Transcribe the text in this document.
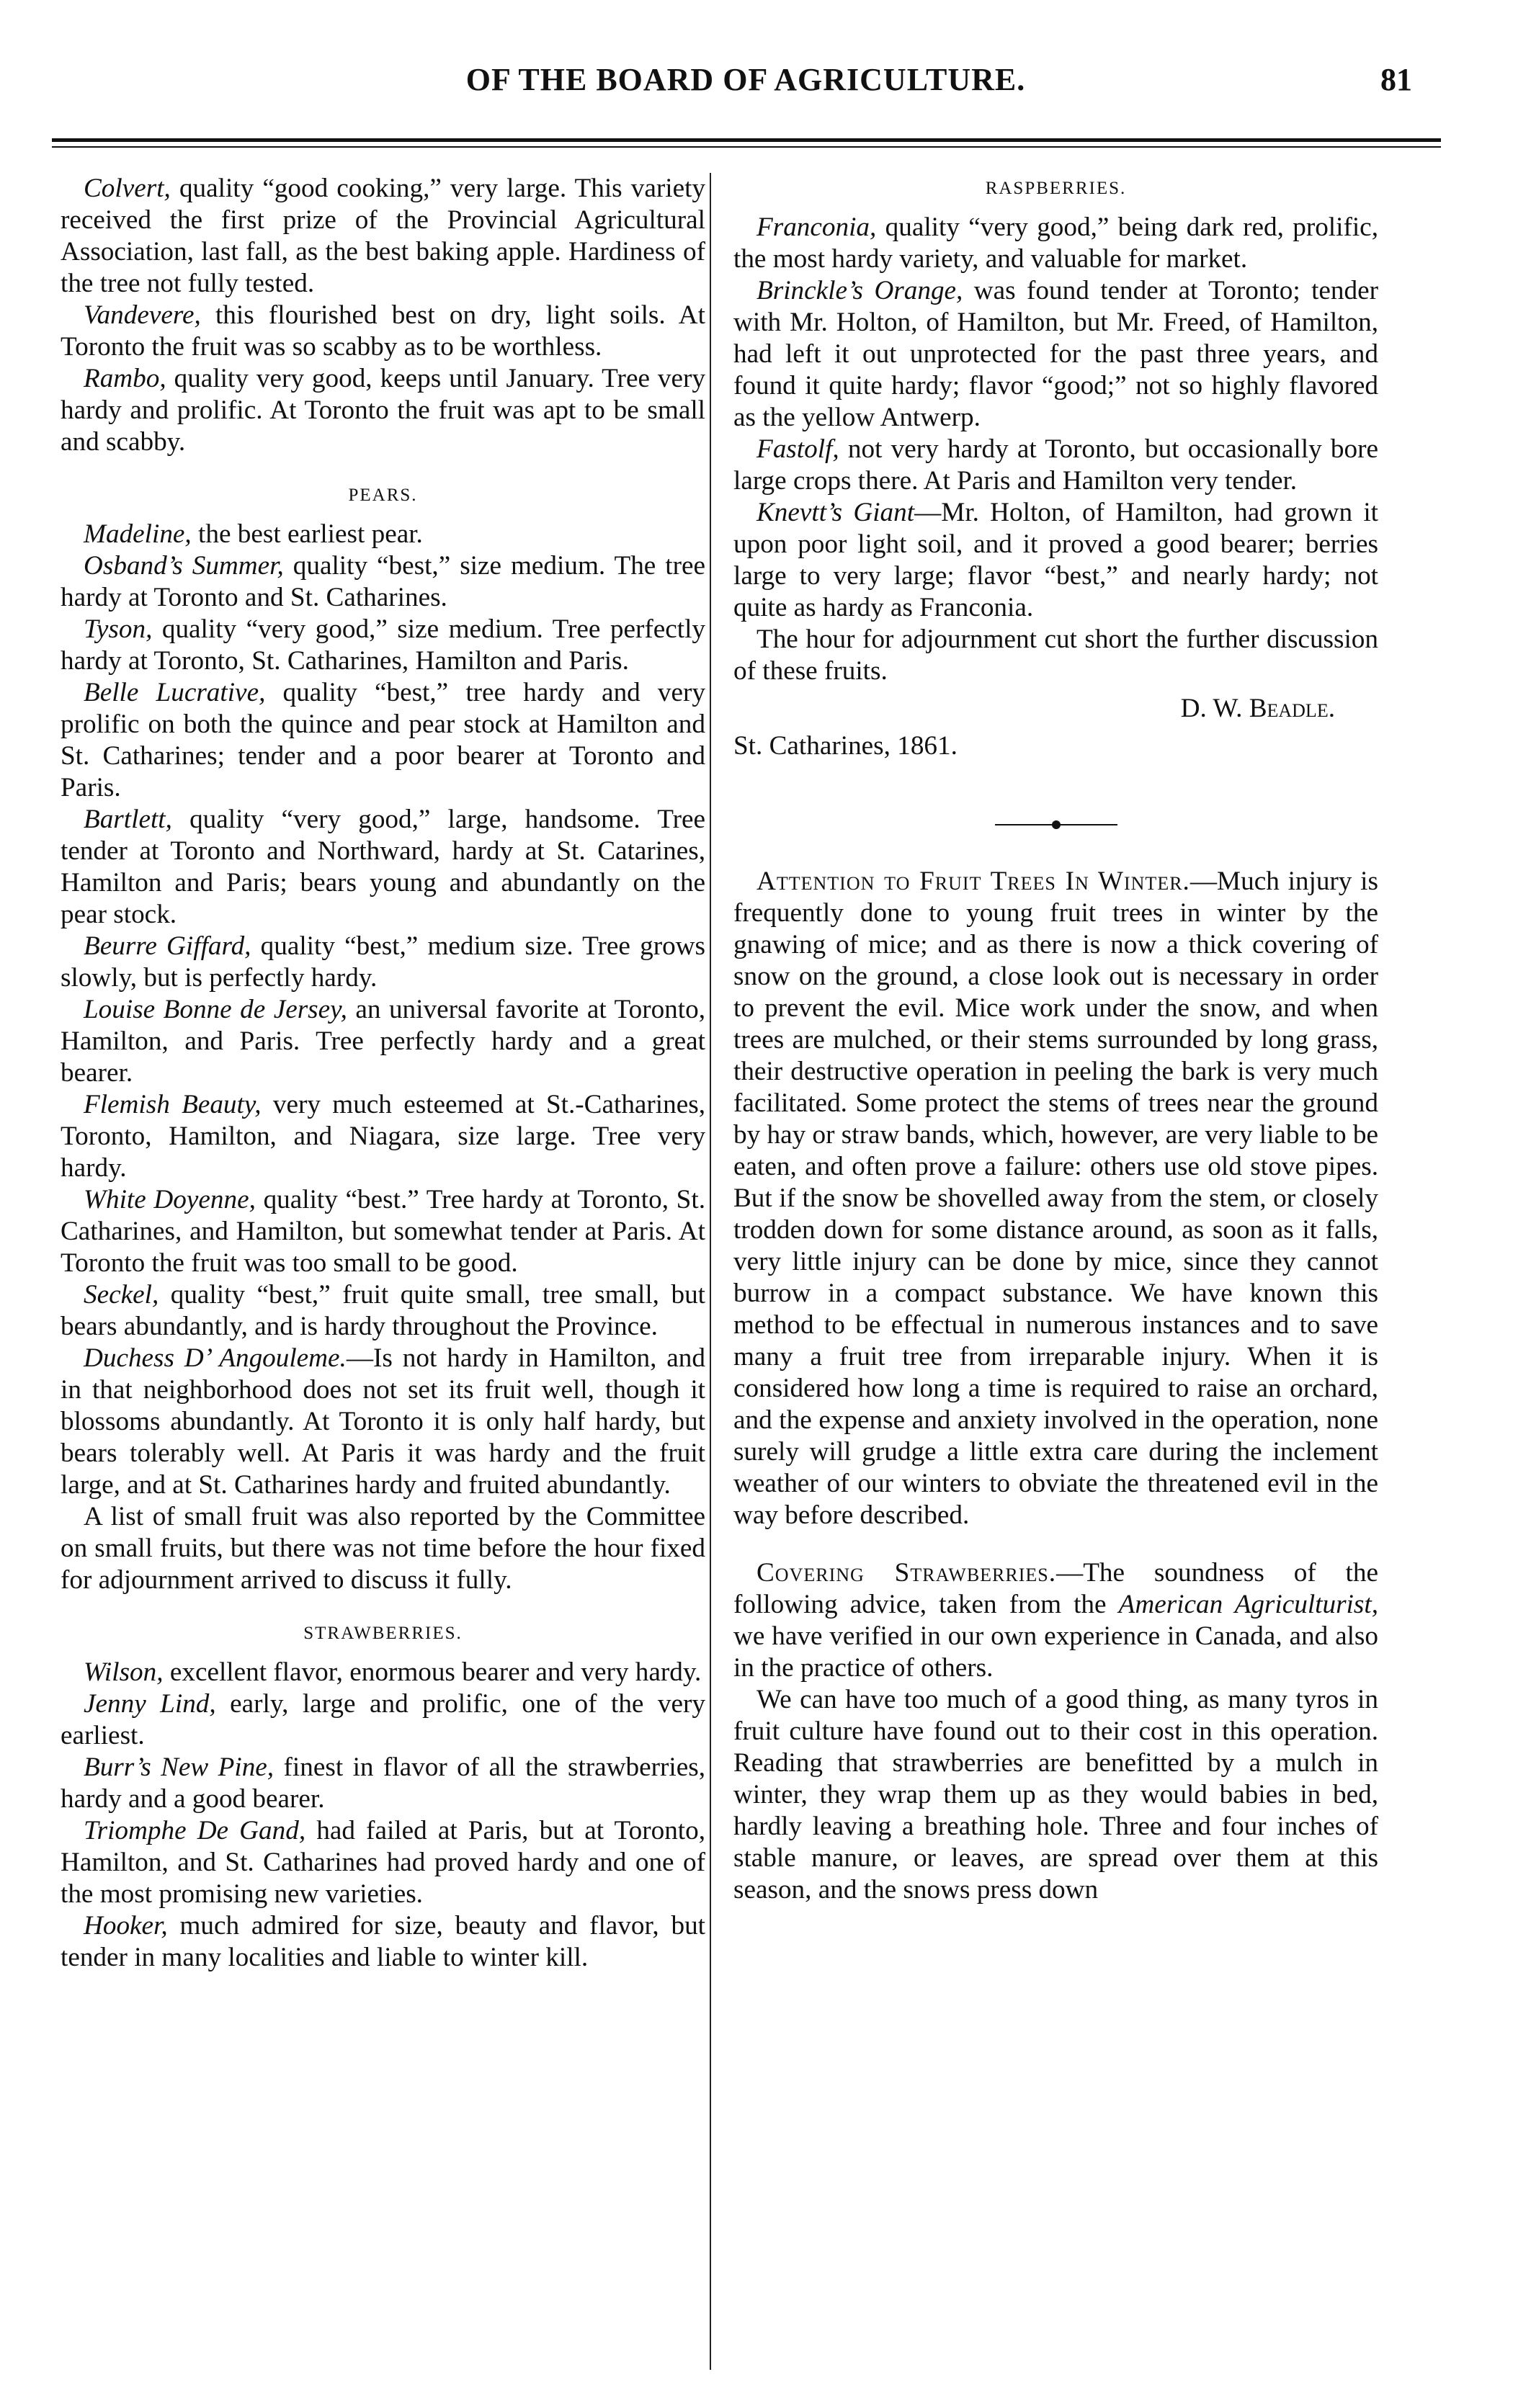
OF THE BOARD OF AGRICULTURE.	81

Colvert, quality “good cooking,” very large. This variety received the first prize of the Provincial Agricultural Association, last fall, as the best baking apple. Hardiness of the tree not fully tested.

Vandevere, this flourished best on dry, light soils. At Toronto the fruit was so scabby as to be worthless.

Rambo, quality very good, keeps until January. Tree very hardy and prolific. At Toronto the fruit was apt to be small and scabby.

PEARS.

Madeline, the best earliest pear.

Osband’s Summer, quality “best,” size medium. The tree hardy at Toronto and St. Catharines.

Tyson, quality “very good,” size medium. Tree perfectly hardy at Toronto, St. Catharines, Hamilton and Paris.

Belle Lucrative, quality “best,” tree hardy and very prolific on both the quince and pear stock at Hamilton and St. Catharines; tender and a poor bearer at Toronto and Paris.

Bartlett, quality “very good,” large, handsome. Tree tender at Toronto and Northward, hardy at St. Catarines, Hamilton and Paris; bears young and abundantly on the pear stock.

Beurre Giffard, quality “best,” medium size. Tree grows slowly, but is perfectly hardy.

Louise Bonne de Jersey, an universal favorite at Toronto, Hamilton, and Paris. Tree perfectly hardy and a great bearer.

Flemish Beauty, very much esteemed at St.-Catharines, Toronto, Hamilton, and Niagara, size large. Tree very hardy.

White Doyenne, quality “best.” Tree hardy at Toronto, St. Catharines, and Hamilton, but somewhat tender at Paris. At Toronto the fruit was too small to be good.

Seckel, quality “best,” fruit quite small, tree small, but bears abundantly, and is hardy throughout the Province.

Duchess D’ Angouleme.—Is not hardy in Hamilton, and in that neighborhood does not set its fruit well, though it blossoms abundantly. At Toronto it is only half hardy, but bears tolerably well. At Paris it was hardy and the fruit large, and at St. Catharines hardy and fruited abundantly.

A list of small fruit was also reported by the Committee on small fruits, but there was not time before the hour fixed for adjournment arrived to discuss it fully.

STRAWBERRIES.

Wilson, excellent flavor, enormous bearer and very hardy.

Jenny Lind, early, large and prolific, one of the very earliest.

Burr’s New Pine, finest in flavor of all the strawberries, hardy and a good bearer.

Triomphe De Gand, had failed at Paris, but at Toronto, Hamilton, and St. Catharines had proved hardy and one of the most promising new varieties.

Hooker, much admired for size, beauty and flavor, but tender in many localities and liable to winter kill.

RASPBERRIES.

Franconia, quality “very good,” being dark red, prolific, the most hardy variety, and valuable for market.

Brinckle’s Orange, was found tender at Toronto; tender with Mr. Holton, of Hamilton, but Mr. Freed, of Hamilton, had left it out unprotected for the past three years, and found it quite hardy; flavor “good;” not so highly flavored as the yellow Antwerp.

Fastolf, not very hardy at Toronto, but occasionally bore large crops there. At Paris and Hamilton very tender.

Knevtt’s Giant—Mr. Holton, of Hamilton, had grown it upon poor light soil, and it proved a good bearer; berries large to very large; flavor “best,” and nearly hardy; not quite as hardy as Franconia.

The hour for adjournment cut short the further discussion of these fruits.

D. W. Beadle.

St. Catharines, 1861.

Attention to Fruit Trees In Winter.—Much injury is frequently done to young fruit trees in winter by the gnawing of mice; and as there is now a thick covering of snow on the ground, a close look out is necessary in order to prevent the evil. Mice work under the snow, and when trees are mulched, or their stems surrounded by long grass, their destructive operation in peeling the bark is very much facilitated. Some protect the stems of trees near the ground by hay or straw bands, which, however, are very liable to be eaten, and often prove a failure: others use old stove pipes. But if the snow be shovelled away from the stem, or closely trodden down for some distance around, as soon as it falls, very little injury can be done by mice, since they cannot burrow in a compact substance. We have known this method to be effectual in numerous instances and to save many a fruit tree from irreparable injury. When it is considered how long a time is required to raise an orchard, and the expense and anxiety involved in the operation, none surely will grudge a little extra care during the inclement weather of our winters to obviate the threatened evil in the way before described.

Covering Strawberries.—The soundness of the following advice, taken from the American Agriculturist, we have verified in our own experience in Canada, and also in the practice of others.

We can have too much of a good thing, as many tyros in fruit culture have found out to their cost in this operation. Reading that strawberries are benefitted by a mulch in winter, they wrap them up as they would babies in bed, hardly leaving a breathing hole. Three and four inches of stable manure, or leaves, are spread over them at this season, and the snows press down
